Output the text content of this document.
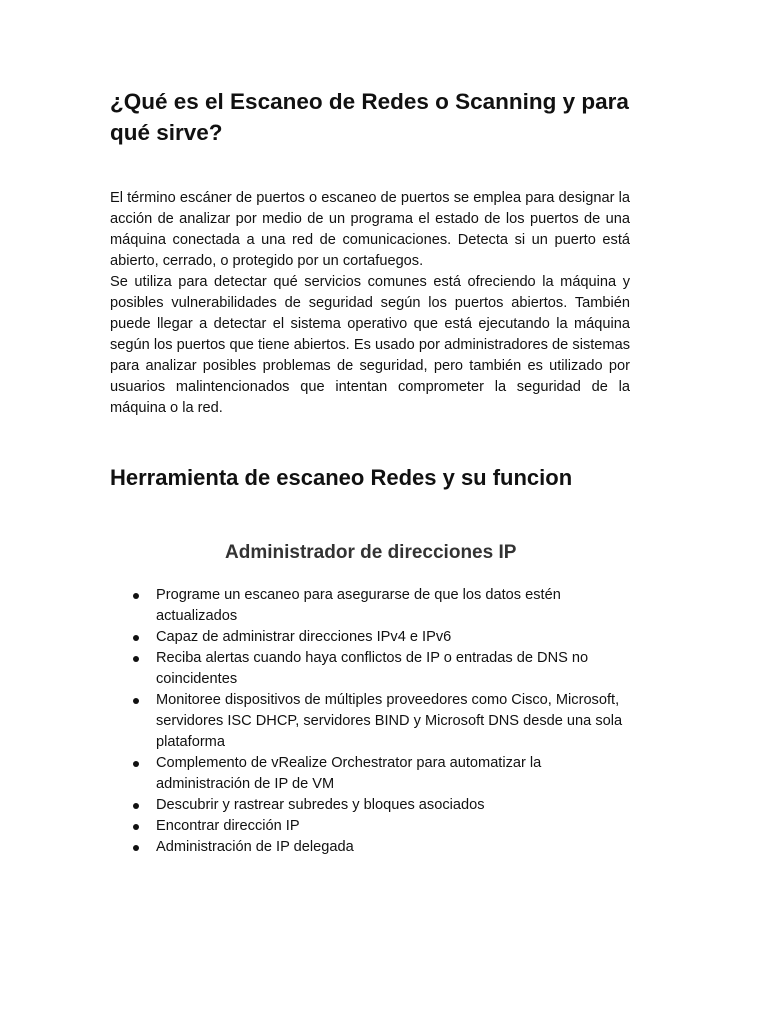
¿Qué es el Escaneo de Redes o Scanning y para qué sirve?

El término escáner de puertos o escaneo de puertos se emplea para designar la acción de analizar por medio de un programa el estado de los puertos de una máquina conectada a una red de comunicaciones. Detecta si un puerto está abierto, cerrado, o protegido por un cortafuegos.

Se utiliza para detectar qué servicios comunes está ofreciendo la máquina y posibles vulnerabilidades de seguridad según los puertos abiertos. También puede llegar a detectar el sistema operativo que está ejecutando la máquina según los puertos que tiene abiertos. Es usado por administradores de sistemas para analizar posibles problemas de seguridad, pero también es utilizado por usuarios malintencionados que intentan comprometer la seguridad de la máquina o la red.

Herramienta de escaneo Redes y su funcion
Administrador de direcciones IP
Programe un escaneo para asegurarse de que los datos estén actualizados
Capaz de administrar direcciones IPv4 e IPv6
Reciba alertas cuando haya conflictos de IP o entradas de DNS no coincidentes
Monitoree dispositivos de múltiples proveedores como Cisco, Microsoft, servidores ISC DHCP, servidores BIND y Microsoft DNS desde una sola plataforma
Complemento de vRealize Orchestrator para automatizar la administración de IP de VM
Descubrir y rastrear subredes y bloques asociados
Encontrar dirección IP
Administración de IP delegada
